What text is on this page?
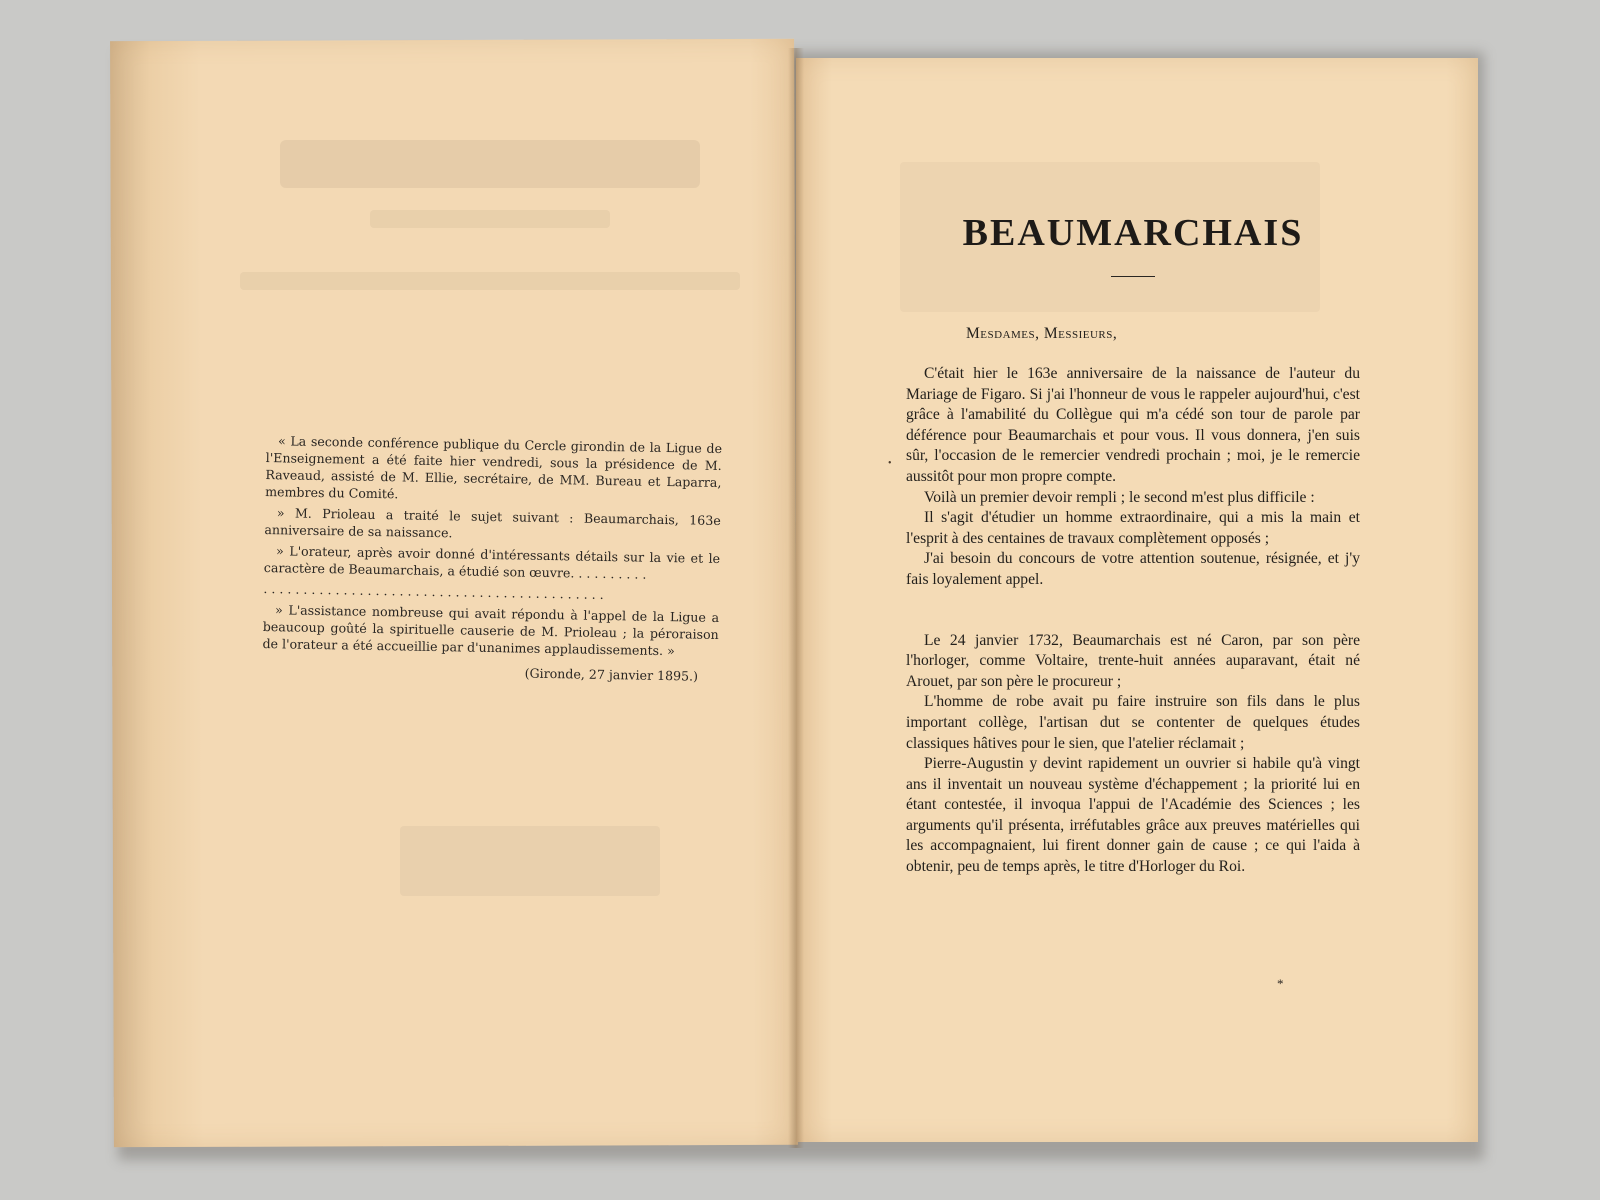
« La seconde conférence publique du Cercle girondin de la Ligue de l'Enseignement a été faite hier vendredi, sous la présidence de M. Raveaud, assisté de M. Ellie, secrétaire, de MM. Bureau et Laparra, membres du Comité.

» M. Prioleau a traité le sujet suivant : Beaumarchais, 163e anniversaire de sa naissance.

» L'orateur, après avoir donné d'intéressants détails sur la vie et le caractère de Beaumarchais, a étudié son œuvre. . . . . . . . . .

. . . . . . . . . . . . . . . . . . . . . . . . . . . . . . . . . . . . . . . . . . .

» L'assistance nombreuse qui avait répondu à l'appel de la Ligue a beaucoup goûté la spirituelle causerie de M. Prioleau ; la péroraison de l'orateur a été accueillie par d'unanimes applaudissements. »

(Gironde, 27 janvier 1895.)

•
BEAUMARCHAIS
Mesdames, Messieurs,

C'était hier le 163e anniversaire de la naissance de l'auteur du Mariage de Figaro. Si j'ai l'honneur de vous le rappeler aujourd'hui, c'est grâce à l'amabilité du Collègue qui m'a cédé son tour de parole par déférence pour Beaumarchais et pour vous. Il vous donnera, j'en suis sûr, l'occasion de le remercier vendredi prochain ; moi, je le remercie aussitôt pour mon propre compte.

Voilà un premier devoir rempli ; le second m'est plus difficile :

Il s'agit d'étudier un homme extraordinaire, qui a mis la main et l'esprit à des centaines de travaux complètement opposés ;

J'ai besoin du concours de votre attention soutenue, résignée, et j'y fais loyalement appel.

Le 24 janvier 1732, Beaumarchais est né Caron, par son père l'horloger, comme Voltaire, trente-huit années auparavant, était né Arouet, par son père le procureur ;

L'homme de robe avait pu faire instruire son fils dans le plus important collège, l'artisan dut se contenter de quelques études classiques hâtives pour le sien, que l'atelier réclamait ;

Pierre-Augustin y devint rapidement un ouvrier si habile qu'à vingt ans il inventait un nouveau système d'échappement ; la priorité lui en étant contestée, il invoqua l'appui de l'Académie des Sciences ; les arguments qu'il présenta, irréfutables grâce aux preuves matérielles qui les accompagnaient, lui firent donner gain de cause ; ce qui l'aida à obtenir, peu de temps après, le titre d'Horloger du Roi.

*
